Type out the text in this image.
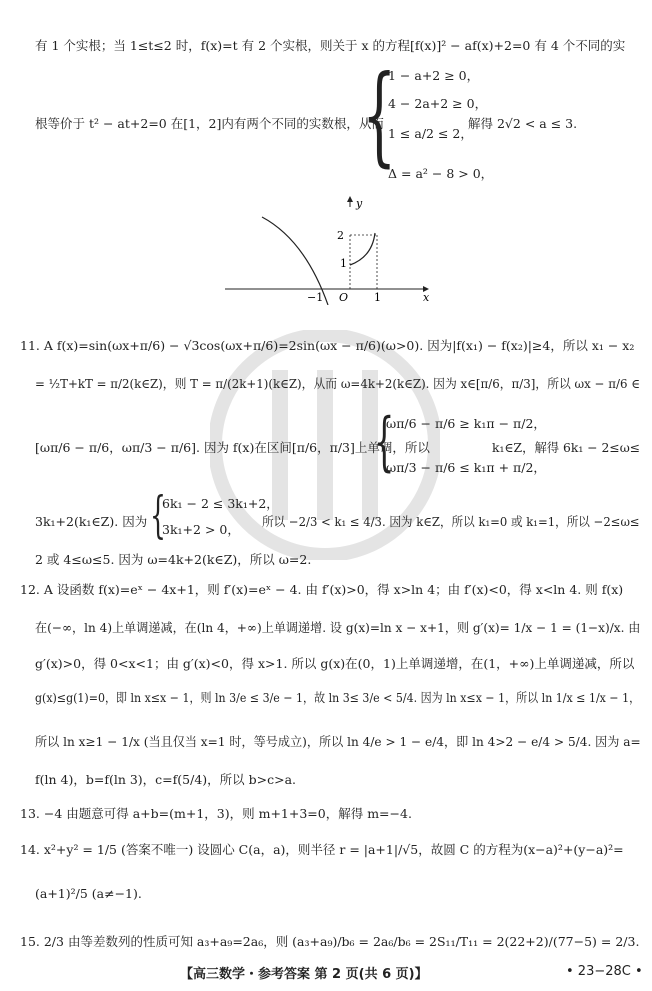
有 1 个实根；当 1≤t≤2 时，f(x)=t 有 2 个实根，则关于 x 的方程[f(x)]² − af(x)+2=0 有 4 个不同的实
根等价于 t² − at+2=0 在[1，2]内有两个不同的实数根，从而
{
1 − a+2 ≥ 0，
4 − 2a+2 ≥ 0，
1 ≤ a/2 ≤ 2，
Δ = a² − 8 > 0，
解得 2√2 < a ≤ 3.
y
x
−1 O 1
1
2
11. A f(x)=sin(ωx+π/6) − √3cos(ωx+π/6)=2sin(ωx − π/6)(ω>0). 因为|f(x₁) − f(x₂)|≥4，所以 x₁ − x₂
= ½T+kT = π/2(k∈Z)，则 T = π/(2k+1)(k∈Z)，从而 ω=4k+2(k∈Z). 因为 x∈[π/6，π/3]，所以 ωx − π/6 ∈
[ωπ/6 − π/6，ωπ/3 − π/6]. 因为 f(x)在区间[π/6，π/3]上单调，所以
{
ωπ/6 − π/6 ≥ k₁π − π/2，
ωπ/3 − π/6 ≤ k₁π + π/2，
k₁∈Z，解得 6k₁ − 2≤ω≤
3k₁+2(k₁∈Z). 因为 {
6k₁ − 2 ≤ 3k₁+2，
3k₁+2 > 0，
所以 −2/3 < k₁ ≤ 4/3. 因为 k∈Z，所以 k₁=0 或 k₁=1，所以 −2≤ω≤
2 或 4≤ω≤5. 因为 ω=4k+2(k∈Z)，所以 ω=2.
12. A 设函数 f(x)=eˣ − 4x+1，则 f′(x)=eˣ − 4. 由 f′(x)>0，得 x>ln 4；由 f′(x)<0，得 x<ln 4. 则 f(x)
在(−∞，ln 4)上单调递减，在(ln 4，+∞)上单调递增. 设 g(x)=ln x − x+1，则 g′(x)= 1/x − 1 = (1−x)/x. 由
g′(x)>0，得 0<x<1；由 g′(x)<0，得 x>1. 所以 g(x)在(0，1)上单调递增，在(1，+∞)上单调递减，所以
g(x)≤g(1)=0，即 ln x≤x − 1，则 ln 3/e ≤ 3/e − 1，故 ln 3≤ 3/e < 5/4. 因为 ln x≤x − 1，所以 ln 1/x ≤ 1/x − 1，
所以 ln x≥1 − 1/x (当且仅当 x=1 时，等号成立)，所以 ln 4/e > 1 − e/4，即 ln 4>2 − e/4 > 5/4. 因为 a=
f(ln 4)，b=f(ln 3)，c=f(5/4)，所以 b>c>a.
13. −4 由题意可得 a+b=(m+1，3)，则 m+1+3=0，解得 m=−4.
14. x²+y² = 1/5 (答案不唯一) 设圆心 C(a，a)，则半径 r = |a+1|/√5，故圆 C 的方程为(x−a)²+(y−a)²=
(a+1)²/5 (a≠−1).
15. 2/3 由等差数列的性质可知 a₃+a₉=2a₆，则 (a₃+a₉)/b₆ = 2a₆/b₆ = 2S₁₁/T₁₁ = 2(22+2)/(77−5) = 2/3.
【高三数学・参考答案 第 2 页(共 6 页)】	• 23−28C •
